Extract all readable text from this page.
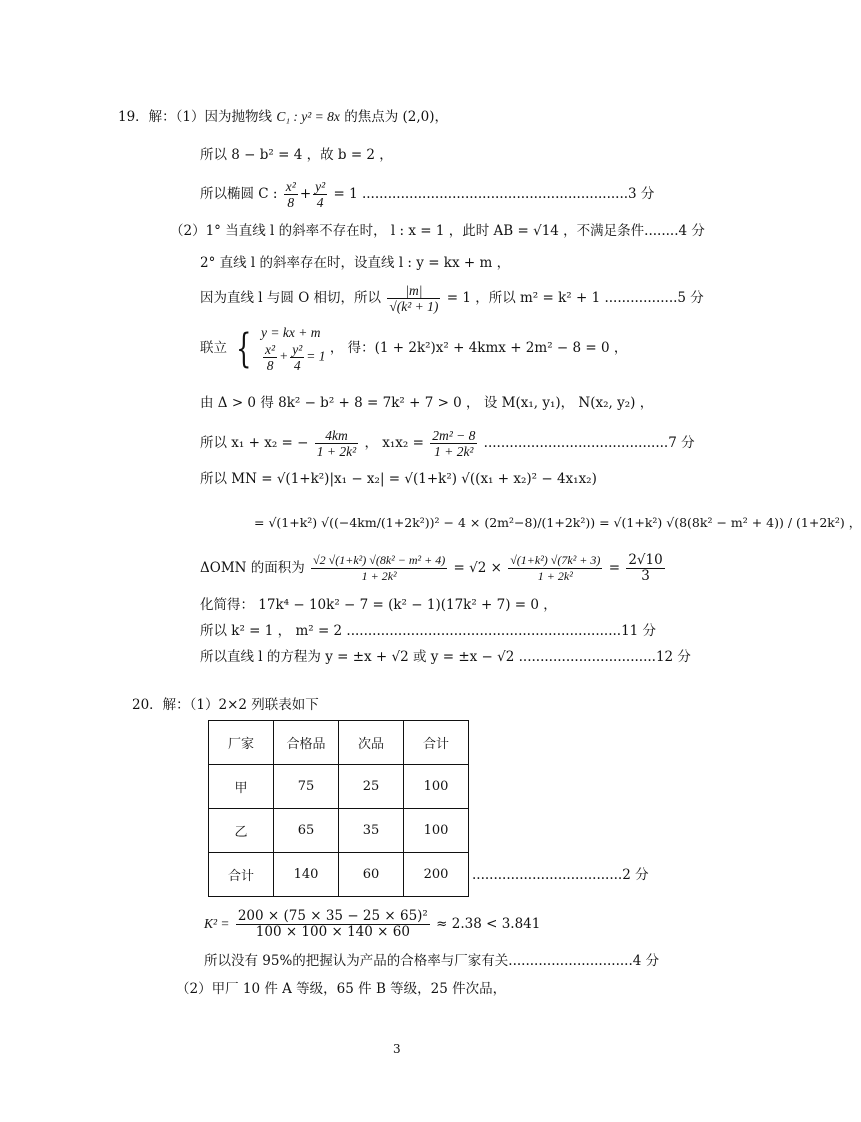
19．解：（1）因为抛物线 C₁ : y² = 8x 的焦点为 (2,0)，
所以 8 − b² = 4 ，故 b = 2 ，
所以椭圆 C : $\frac{\text{x²}}{8} + \frac{\text{y²}}{4} = 1$ ..............................................................3 分
（2）1° 当直线 l 的斜率不存在时， l : x = 1 ，此时 AB = √14 ，不满足条件........4 分
2° 直线 l 的斜率存在时，设直线 l : y = kx + m ，
因为直线 l 与圆 O 相切，所以 $\frac{|m|}{\text{√(k² + 1)}} = 1$ ，所以 m² = k² + 1 .................5 分
联立 { y = kx + m
$\frac{\text{x²}}{8} + \frac{\text{y²}}{4} = 1$
， 得：(1 + 2k²)x² + 4kmx + 2m² − 8 = 0 ，
由 Δ > 0 得 8k² − b² + 8 = 7k² + 7 > 0 ， 设 M(x₁, y₁)， N(x₂, y₂) ，
所以 x₁ + x₂ = − $\frac{4km}{\text{1 + 2k²}}$ ， $x_1x_2 = \frac{\text{2m² − 8}}{\text{1 + 2k²}} ...........................................7$ 分
所以 MN = √(1+k²)|x₁ − x₂| = √(1+k²) √((x₁ + x₂)² − 4x₁x₂)
= √(1+k²) √((−4km/(1+2k²))² − 4 × (2m²−8)/(1+2k²)) = √(1+k²) √(8(8k² − m² + 4)) / (1+2k²) ，
ΔOMN 的面积为 $\frac{\text{√2 √(1+k²) √(8k² − m² + 4)}}{\text{1 + 2k²}} = √2 \times \frac{\text{√(1+k²) √(7k² + 3)}}{\text{1 + 2k²}} = \frac{2√10}{3}$
化简得： 17k⁴ − 10k² − 7 = (k² − 1)(17k² + 7) = 0 ，
所以 k² = 1 ， m² = 2 ................................................................11 分
所以直线 l 的方程为 y = ±x + √2 或 y = ±x − √2 ................................12 分
20．解：（1）2×2 列联表如下
厂家	合格品	次品	合计
甲	75	25	100
乙	65	35	100
合计	140	60	200 ...................................2 分
$K^2 = \frac{\text{200 × (75 × 35 − 25 × 65)²}}{100 \times 100 \times 140 \times 60} \approx 2.38 < 3.841$
所以没有 95%的把握认为产品的合格率与厂家有关.............................4 分
（2）甲厂 10 件 A 等级，65 件 B 等级，25 件次品，
3
